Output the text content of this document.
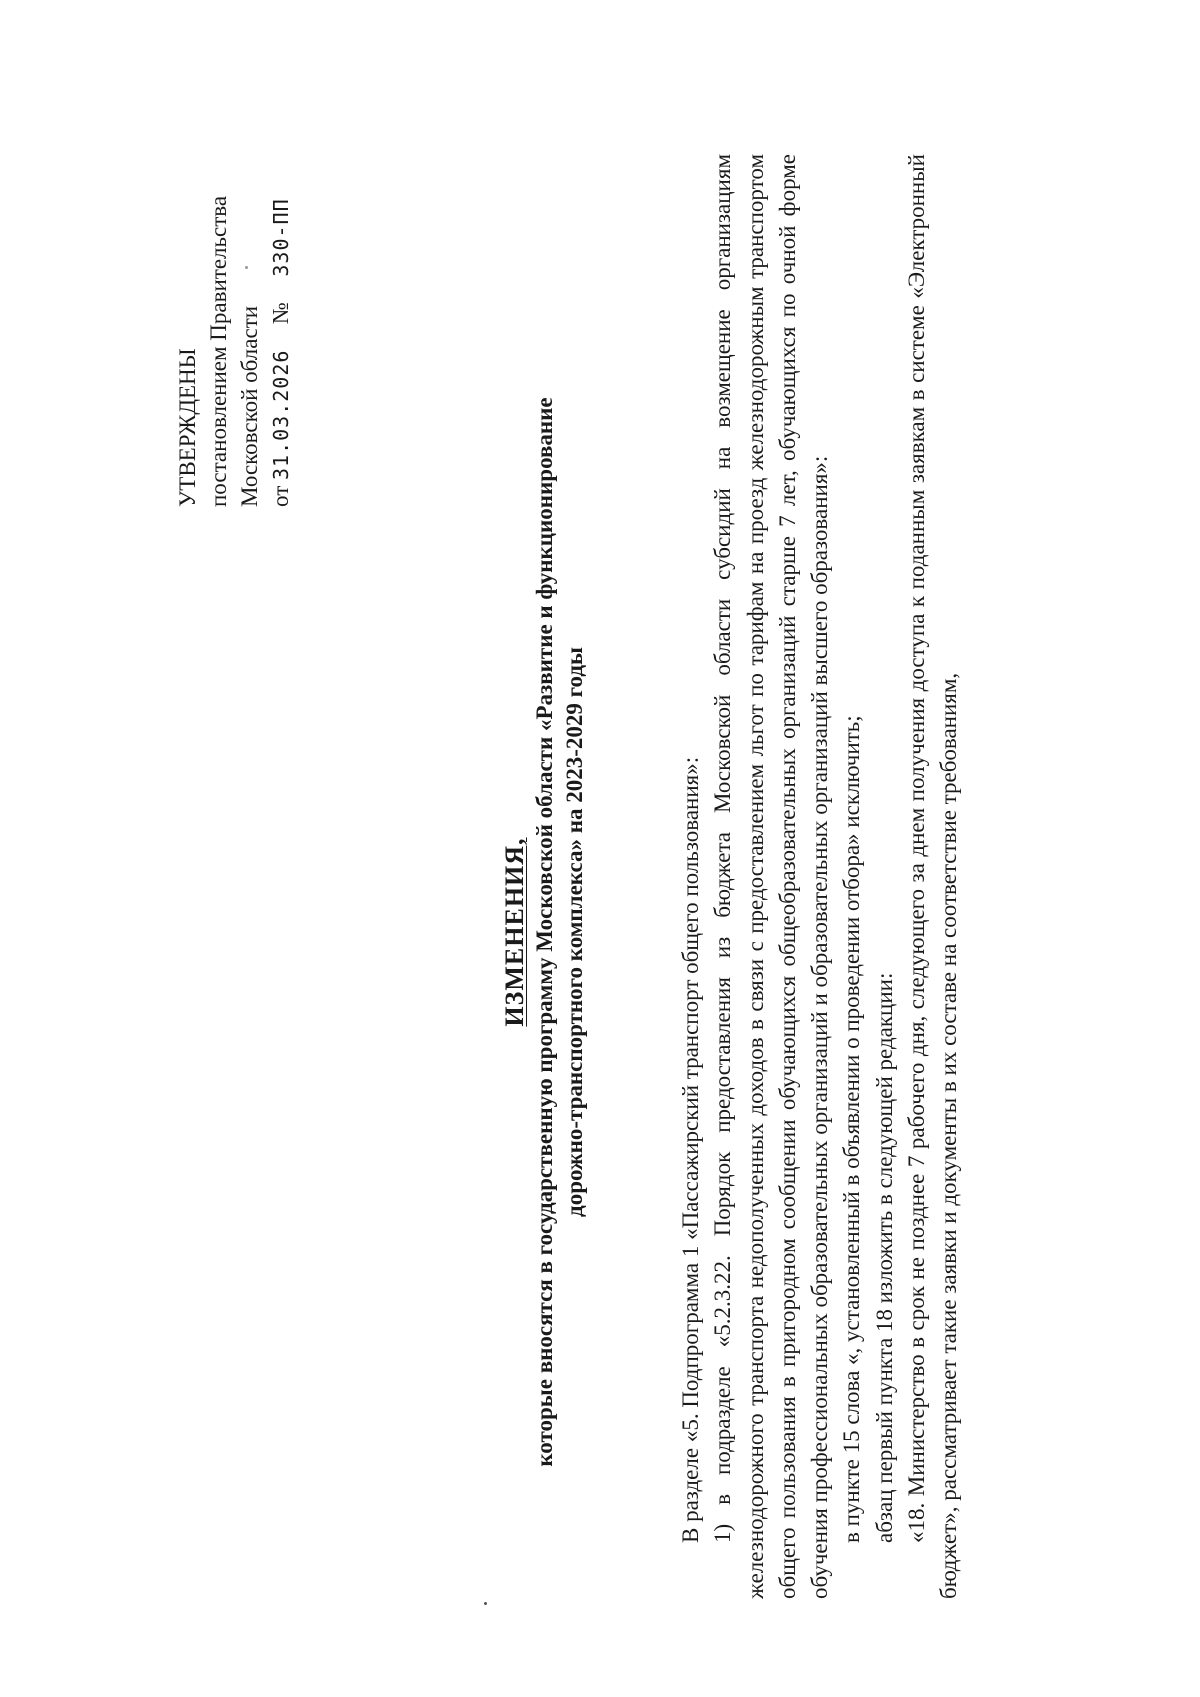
УТВЕРЖДЕНЫ постановлением Правительства Московской области от 31.03.2026  №  330-ПП
ИЗМЕНЕНИЯ, которые вносятся в государственную программу Московской области «Развитие и функционирование дорожно-транспортного комплекса» на 2023-2029 годы	В разделе «5. Подпрограмма 1 «Пассажирский транспорт общего пользования»: 1) в подразделе «5.2.3.22. Порядок предоставления из бюджета Московской области субсидий на возмещение организациям железнодорожного транспорта недополученных доходов в связи с предоставлением льгот по тарифам на проезд железнодорожным транспортом общего пользования в пригородном сообщении обучающихся общеобразовательных организаций старше 7 лет, обучающихся по очной форме обучения профессиональных образовательных организаций и образовательных организаций высшего образования»: в пункте 15 слова «, установленный в объявлении о проведении отбора» исключить; абзац первый пункта 18 изложить в следующей редакции: «18. Министерство в срок не позднее 7 рабочего дня, следующего за днем получения доступа к поданным заявкам в системе «Электронный бюджет», рассматривает такие заявки и документы в их составе на соответствие требованиям,
